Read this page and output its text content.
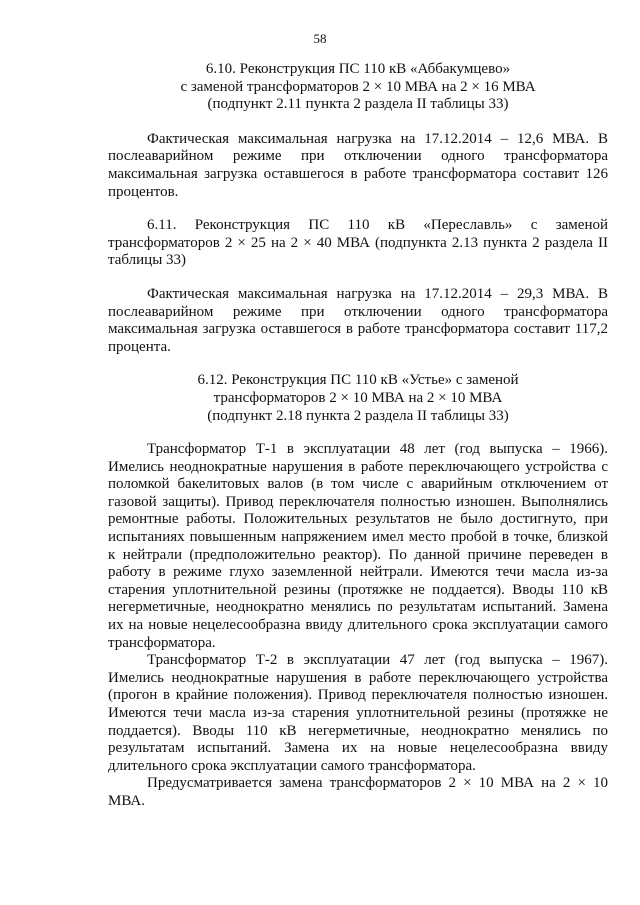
58
6.10. Реконструкция ПС 110 кВ «Аббакумцево»
с заменой трансформаторов 2 × 10 МВА на 2 × 16 МВА
(подпункт 2.11 пункта 2 раздела II таблицы 33)

Фактическая максимальная нагрузка на 17.12.2014 – 12,6 МВА. В послеаварийном режиме при отключении одного трансформатора максимальная загрузка оставшегося в работе трансформатора составит 126 процентов.

6.11. Реконструкция ПС 110 кВ «Переславль» с заменой трансформаторов 2 × 25 на 2 × 40 МВА (подпункта 2.13 пункта 2 раздела II таблицы 33)

Фактическая максимальная нагрузка на 17.12.2014 – 29,3 МВА. В послеаварийном режиме при отключении одного трансформатора максимальная загрузка оставшегося в работе трансформатора составит 117,2 процента.

6.12. Реконструкция ПС 110 кВ «Устье» с заменой
трансформаторов 2 × 10 МВА на 2 × 10 МВА
(подпункт 2.18 пункта 2 раздела II таблицы 33)

Трансформатор Т-1 в эксплуатации 48 лет (год выпуска – 1966). Имелись неоднократные нарушения в работе переключающего устройства с поломкой бакелитовых валов (в том числе с аварийным отключением от газовой защиты). Привод переключателя полностью изношен. Выполнялись ремонтные работы. Положительных результатов не было достигнуто, при испытаниях повышенным напряжением имел место пробой в точке, близкой к нейтрали (предположительно реактор). По данной причине переведен в работу в режиме глухо заземленной нейтрали. Имеются течи масла из-за старения уплотнительной резины (протяжке не поддается). Вводы 110 кВ негерметичные, неоднократно менялись по результатам испытаний. Замена их на новые нецелесообразна ввиду длительного срока эксплуатации самого трансформатора.

Трансформатор Т-2 в эксплуатации 47 лет (год выпуска – 1967). Имелись неоднократные нарушения в работе переключающего устройства (прогон в крайние положения). Привод переключателя полностью изношен. Имеются течи масла из-за старения уплотнительной резины (протяжке не поддается). Вводы 110 кВ негерметичные, неоднократно менялись по результатам испытаний. Замена их на новые нецелесообразна ввиду длительного срока эксплуатации самого трансформатора.

Предусматривается замена трансформаторов 2 × 10 МВА на 2 × 10 МВА.
